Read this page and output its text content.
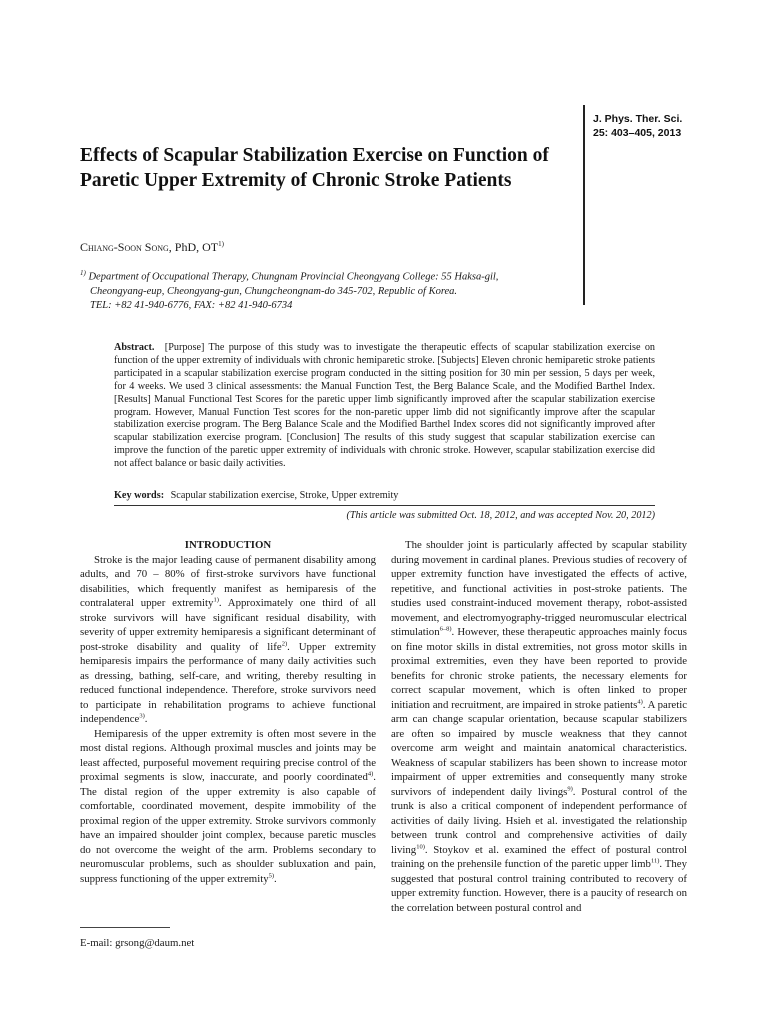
J. Phys. Ther. Sci.
25: 403–405, 2013
Effects of Scapular Stabilization Exercise on Function of Paretic Upper Extremity of Chronic Stroke Patients
Chiang-Soon Song, PhD, OT$^{1)}$
$^{1)}$ Department of Occupational Therapy, Chungnam Provincial Cheongyang College: 55 Haksa-gil,
Cheongyang-eup, Cheongyang-gun, Chungcheongnam-do 345-702, Republic of Korea.
TEL: +82 41-940-6776, FAX: +82 41-940-6734
Abstract. [Purpose] The purpose of this study was to investigate the therapeutic effects of scapular stabilization exercise on function of the upper extremity of individuals with chronic hemiparetic stroke. [Subjects] Eleven chronic hemiparetic stroke patients participated in a scapular stabilization exercise program conducted in the sitting position for 30 min per session, 5 days per week, for 4 weeks. We used 3 clinical assessments: the Manual Function Test, the Berg Balance Scale, and the Modified Barthel Index. [Results] Manual Functional Test Scores for the paretic upper limb significantly improved after the scapular stabilization exercise program. However, Manual Function Test scores for the non-paretic upper limb did not significantly improve after the scapular stabilization exercise program. The Berg Balance Scale and the Modified Barthel Index scores did not significantly improved after scapular stabilization exercise program. [Conclusion] The results of this study suggest that scapular stabilization exercise can improve the function of the paretic upper extremity of individuals with chronic stroke. However, scapular stabilization exercise did not affect balance or basic daily activities.
Key words: Scapular stabilization exercise, Stroke, Upper extremity
(This article was submitted Oct. 18, 2012, and was accepted Nov. 20, 2012)

INTRODUCTION

Stroke is the major leading cause of permanent disability among adults, and 70 – 80% of first-stroke survivors have functional disabilities, which frequently manifest as hemiparesis of the contralateral upper extremity$^{1)}$. Approximately one third of all stroke survivors will have significant residual disability, with severity of upper extremity hemiparesis a significant determinant of post-stroke disability and quality of life$^{2)}$. Upper extremity hemiparesis impairs the performance of many daily activities such as dressing, bathing, self-care, and writing, thereby resulting in reduced functional independence. Therefore, stroke survivors need to participate in rehabilitation programs to achieve functional independence$^{3)}$.

Hemiparesis of the upper extremity is often most severe in the most distal regions. Although proximal muscles and joints may be least affected, purposeful movement requiring precise control of the proximal segments is slow, inaccurate, and poorly coordinated$^{4)}$. The distal region of the upper extremity is also capable of comfortable, coordinated movement, despite immobility of the proximal region of the upper extremity. Stroke survivors commonly have an impaired shoulder joint complex, because paretic muscles do not overcome the weight of the arm. Problems secondary to neuromuscular problems, such as shoulder subluxation and pain, suppress functioning of the upper extremity$^{5)}$.

E-mail: grsong@daum.net

The shoulder joint is particularly affected by scapular stability during movement in cardinal planes. Previous studies of recovery of upper extremity function have investigated the effects of active, repetitive, and functional activities in post-stroke patients. The studies used constraint-induced movement therapy, robot-assisted movement, and electromyography-trigged neuromuscular electrical stimulation$^{6-8)}$. However, these therapeutic approaches mainly focus on fine motor skills in distal extremities, not gross motor skills in proximal extremities, even they have been reported to provide benefits for chronic stroke patients, the necessary elements for correct scapular movement, which is often linked to proper initiation and recruitment, are impaired in stroke patients$^{4)}$. A paretic arm can change scapular orientation, because scapular stabilizers are often so impaired by muscle weakness that they cannot overcome arm weight and maintain anatomical characteristics. Weakness of scapular stabilizers has been shown to increase motor impairment of upper extremities and consequently many stroke survivors of independent daily livings$^{9)}$. Postural control of the trunk is also a critical component of independent performance of activities of daily living. Hsieh et al. investigated the relationship between trunk control and comprehensive activities of daily living$^{10)}$. Stoykov et al. examined the effect of postural control training on the prehensile function of the paretic upper limb$^{11)}$. They suggested that postural control training contributed to recovery of upper extremity function. However, there is a paucity of research on the correlation between postural control and
